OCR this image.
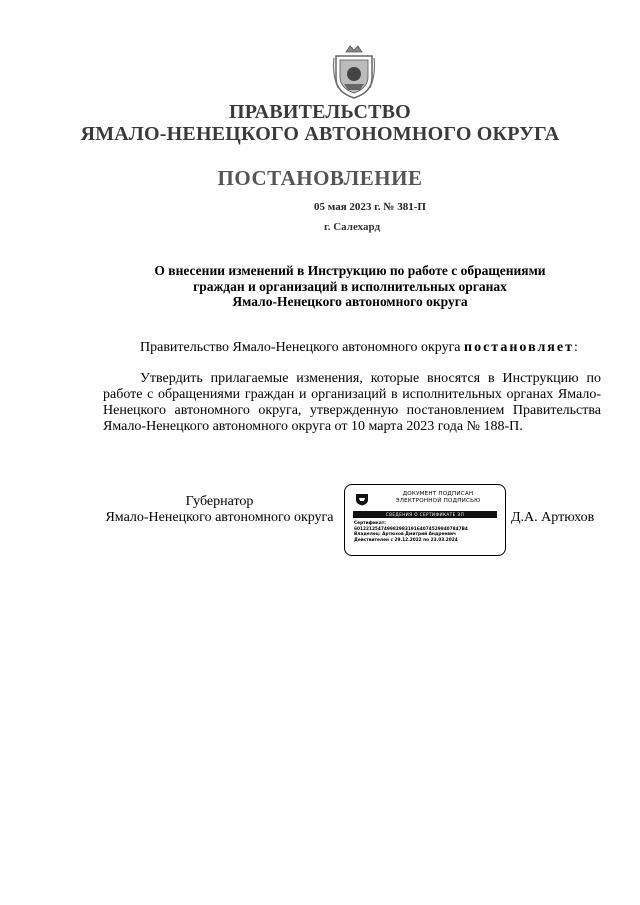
ПРАВИТЕЛЬСТВО
ЯМАЛО-НЕНЕЦКОГО АВТОНОМНОГО ОКРУГА
ПОСТАНОВЛЕНИЕ
05 мая 2023 г. № 381-П
г. Салехард
О внесении изменений в Инструкцию по работе с обращениями
граждан и организаций в исполнительных органах
Ямало-Ненецкого автономного округа
Правительство Ямало-Ненецкого автономного округа постановляет:
Утвердить прилагаемые изменения, которые вносятся в Инструкцию по работе с обращениями граждан и организаций в исполнительных органах Ямало-Ненецкого автономного округа, утвержденную постановлением Правительства Ямало-Ненецкого автономного округа от 10 марта 2023 года № 188-П.
Губернатор
Ямало-Ненецкого автономного округа
ДОКУМЕНТ ПОДПИСАН
ЭЛЕКТРОННОЙ ПОДПИСЬЮ
СВЕДЕНИЯ О СЕРТИФИКАТЕ ЭП
Сертификат:
601221254749982983191640745298407847B4
Владелец: Артюхов Дмитрий Андреевич
Действителен с 29.12.2022 по 23.03.2024
Д.А. Артюхов
